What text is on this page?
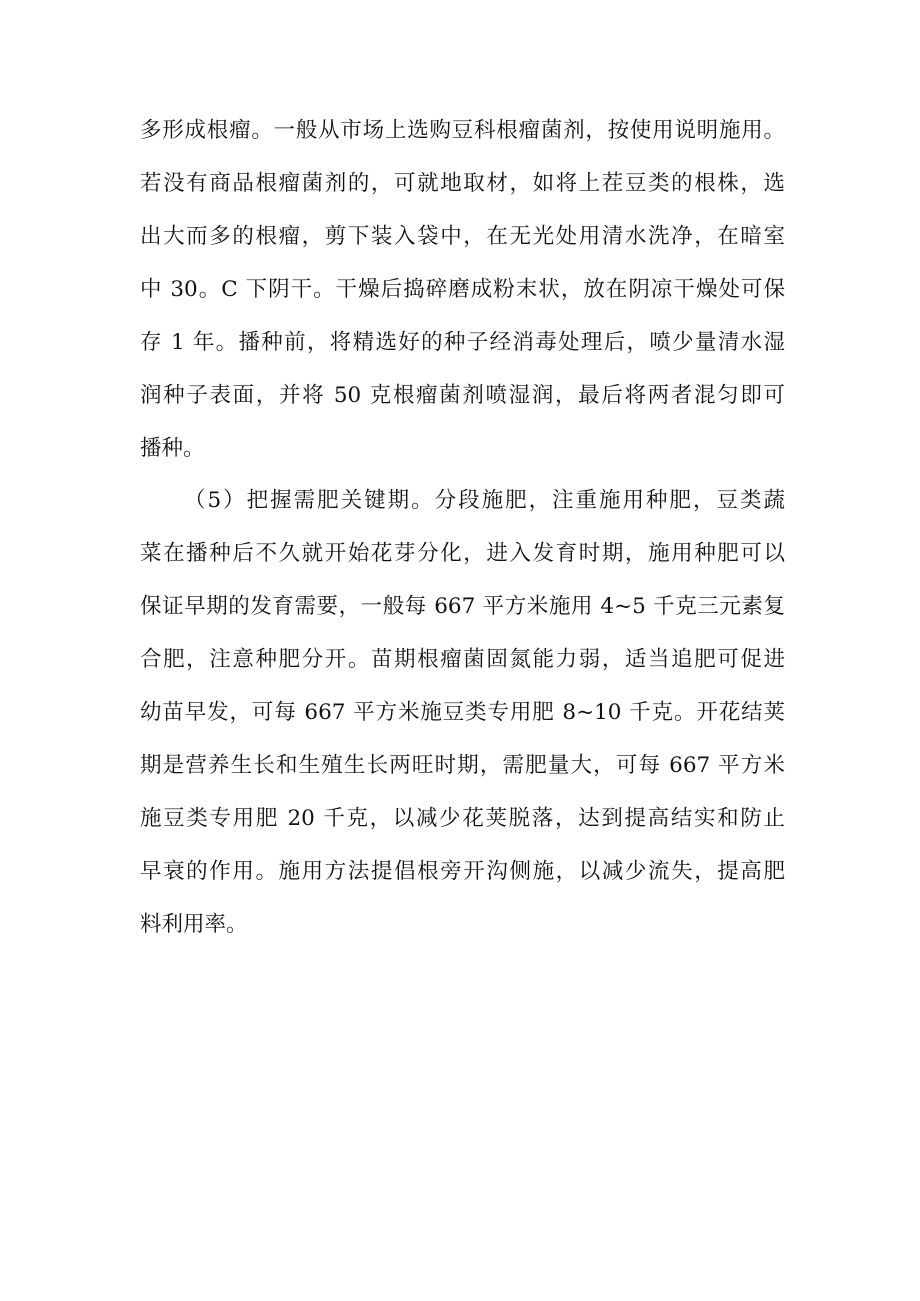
多形成根瘤。一般从市场上选购豆科根瘤菌剂，按使用说明施用。
若没有商品根瘤菌剂的，可就地取材，如将上茬豆类的根株，选
出大而多的根瘤，剪下装入袋中，在无光处用清水洗净，在暗室
中 30。C 下阴干。干燥后捣碎磨成粉末状，放在阴凉干燥处可保
存 1 年。播种前，将精选好的种子经消毒处理后，喷少量清水湿
润种子表面，并将 50 克根瘤菌剂喷湿润，最后将两者混匀即可
播种。
（5）把握需肥关键期。分段施肥，注重施用种肥，豆类蔬
菜在播种后不久就开始花芽分化，进入发育时期，施用种肥可以
保证早期的发育需要，一般每 667 平方米施用 4~5 千克三元素复
合肥，注意种肥分开。苗期根瘤菌固氮能力弱，适当追肥可促进
幼苗早发，可每 667 平方米施豆类专用肥 8~10 千克。开花结荚
期是营养生长和生殖生长两旺时期，需肥量大，可每 667 平方米
施豆类专用肥 20 千克，以减少花荚脱落，达到提高结实和防止
早衰的作用。施用方法提倡根旁开沟侧施，以减少流失，提高肥
料利用率。
